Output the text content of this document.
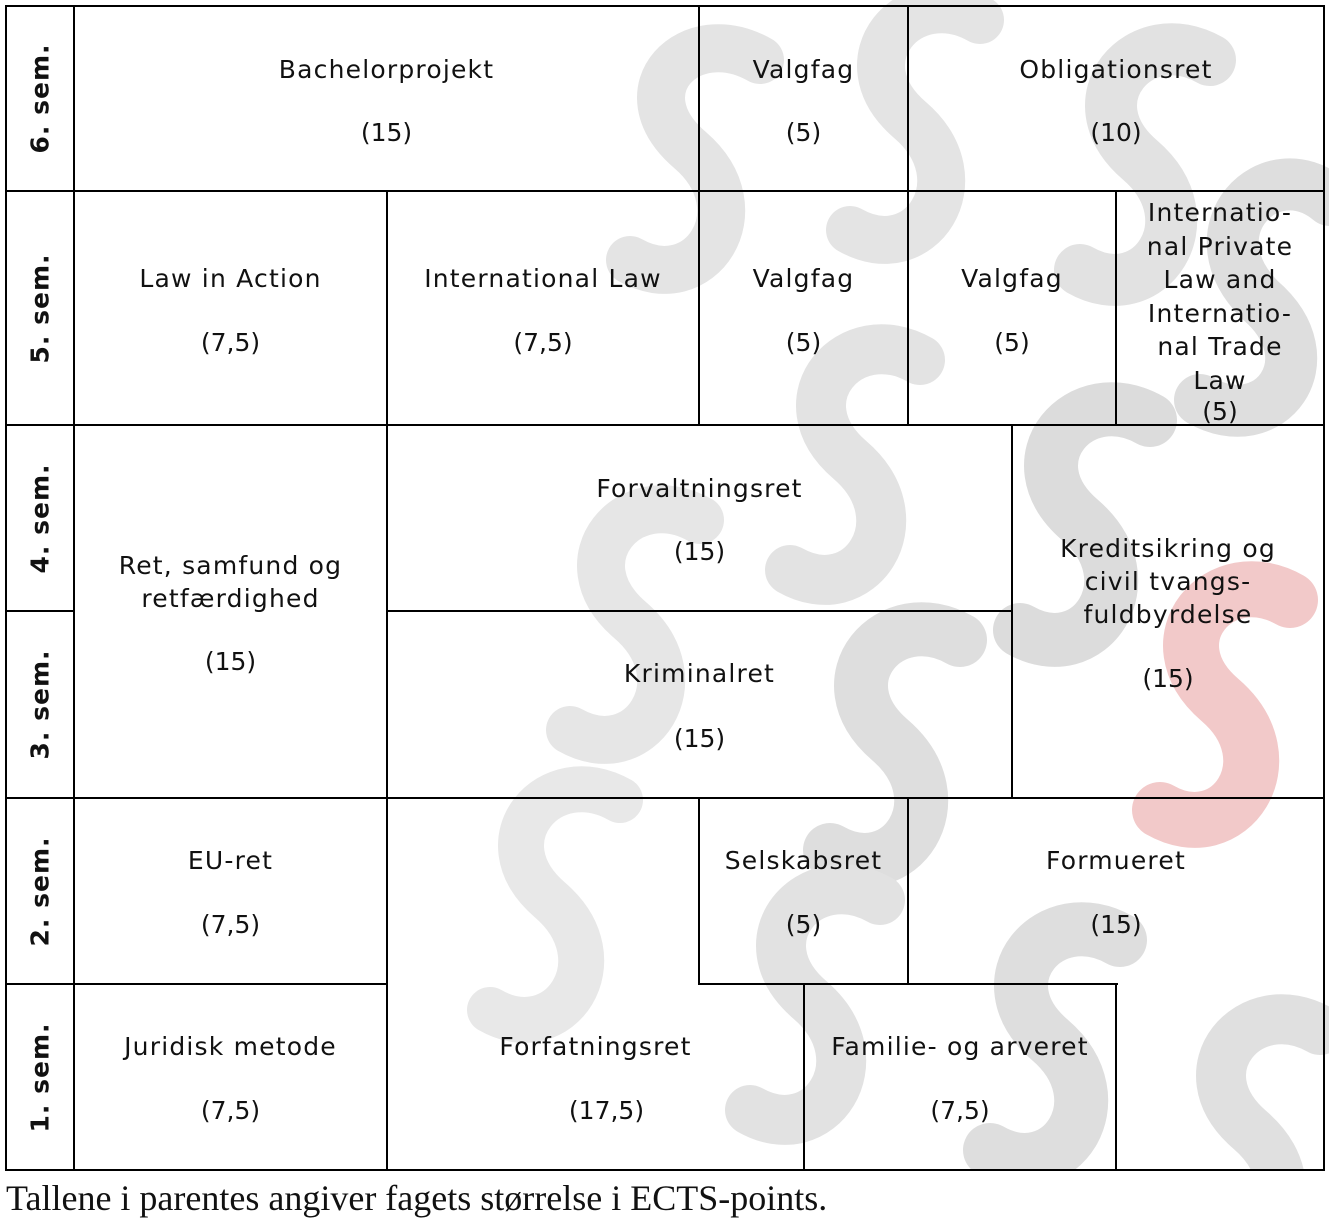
6. sem.
5. sem.
4. sem.
3. sem.
2. sem.
1. sem.
Bachelorprojekt
(15)
Valgfag
(5)
Obligationsret
(10)
Law in Action
(7,5)
International Law
(7,5)
Valgfag
(5)
Valgfag
(5)
Internatio-
nal Private
Law and
Internatio-
nal Trade
Law
(5)
Ret, samfund og
retfærdighed
(15)
Forvaltningsret
(15)	Kreditsikring og
civil tvangs-
fuldbyrdelse
(15)
Kriminalret
(15)
EU-ret
(7,5)
Selskabsret
(5)
Formueret
(15)
Juridisk metode
(7,5)
Forfatningsret
(17,5)
Familie- og arveret
(7,5)
Tallene i parentes angiver fagets størrelse i ECTS-points.
